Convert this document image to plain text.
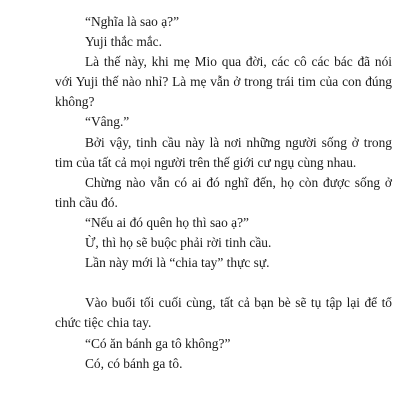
“Nghĩa là sao ạ?”

Yuji thắc mắc.

Là thế này, khi mẹ Mio qua đời, các cô các bác đã nói với Yuji thế nào nhỉ? Là mẹ vẫn ở trong trái tim của con đúng không?

“Vâng.”

Bởi vậy, tinh cầu này là nơi những người sống ở trong tim của tất cả mọi người trên thế giới cư ngụ cùng nhau.

Chừng nào vẫn có ai đó nghĩ đến, họ còn được sống ở tinh cầu đó.

“Nếu ai đó quên họ thì sao ạ?”

Ừ, thì họ sẽ buộc phải rời tinh cầu.

Lần này mới là “chia tay” thực sự.

Vào buổi tối cuối cùng, tất cả bạn bè sẽ tụ tập lại để tổ chức tiệc chia tay.

“Có ăn bánh ga tô không?”

Có, có bánh ga tô.
